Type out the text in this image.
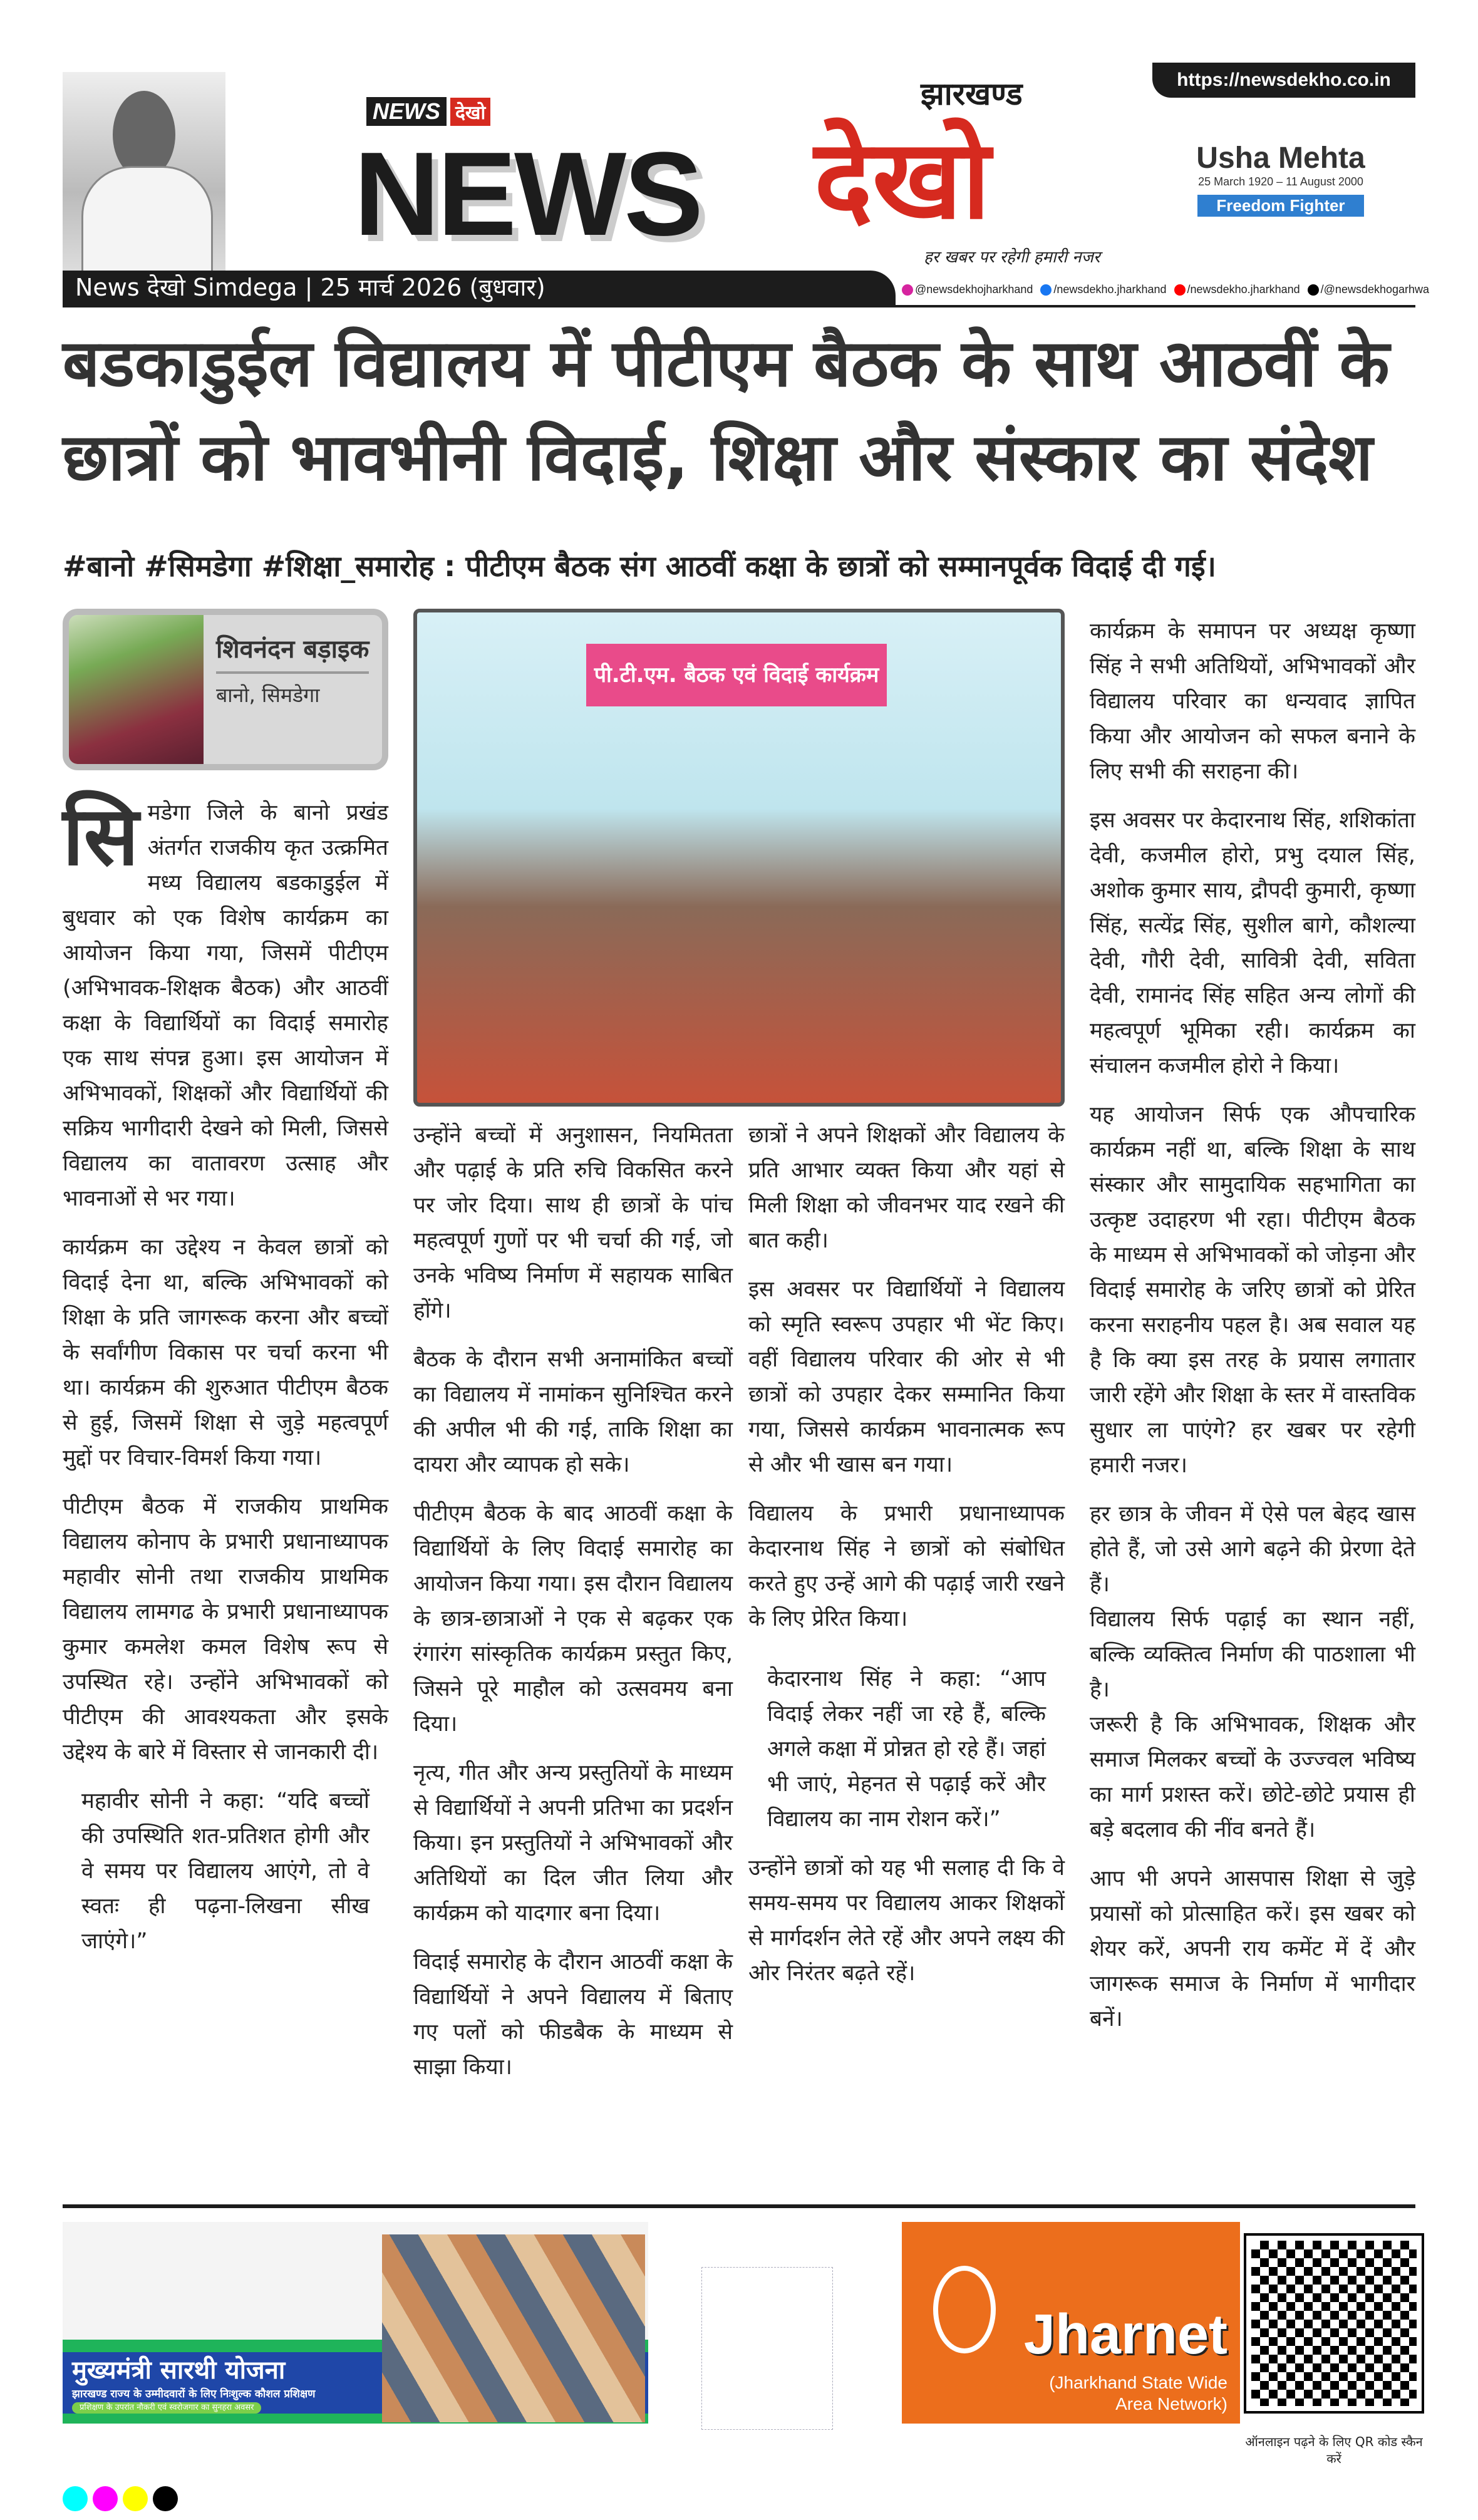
https://newsdekho.co.in
NEWS देखो
NEWS
झारखण्ड
देखो
हर खबर पर रहेगी हमारी नजर
Usha Mehta
25 March 1920 – 11 August 2000
Freedom Fighter
News देखो Simdega | 25 मार्च 2026 (बुधवार)	@newsdekhojharkhand	/newsdekho.jharkhand	/newsdekho.jharkhand	/@newsdekhogarhwa
बडकाडुईल विद्यालय में पीटीएम बैठक के साथ आठवीं के छात्रों को भावभीनी विदाई, शिक्षा और संस्कार का संदेश
#बानो #सिमडेगा #शिक्षा_समारोह : पीटीएम बैठक संग आठवीं कक्षा के छात्रों को सम्मानपूर्वक विदाई दी गई।
शिवनंदन बड़ाइक
बानो, सिमडेगा
पी.टी.एम. बैठक एवं विदाई कार्यक्रम

सिमडेगा जिले के बानो प्रखंड अंतर्गत राजकीय कृत उत्क्रमित मध्य विद्यालय बडकाडुईल में बुधवार को एक विशेष कार्यक्रम का आयोजन किया गया, जिसमें पीटीएम (अभिभावक-शिक्षक बैठक) और आठवीं कक्षा के विद्यार्थियों का विदाई समारोह एक साथ संपन्न हुआ। इस आयोजन में अभिभावकों, शिक्षकों और विद्यार्थियों की सक्रिय भागीदारी देखने को मिली, जिससे विद्यालय का वातावरण उत्साह और भावनाओं से भर गया।

कार्यक्रम का उद्देश्य न केवल छात्रों को विदाई देना था, बल्कि अभिभावकों को शिक्षा के प्रति जागरूक करना और बच्चों के सर्वांगीण विकास पर चर्चा करना भी था। कार्यक्रम की शुरुआत पीटीएम बैठक से हुई, जिसमें शिक्षा से जुड़े महत्वपूर्ण मुद्दों पर विचार-विमर्श किया गया।

पीटीएम बैठक में राजकीय प्राथमिक विद्यालय कोनाप के प्रभारी प्रधानाध्यापक महावीर सोनी तथा राजकीय प्राथमिक विद्यालय लामगढ के प्रभारी प्रधानाध्यापक कुमार कमलेश कमल विशेष रूप से उपस्थित रहे। उन्होंने अभिभावकों को पीटीएम की आवश्यकता और इसके उद्देश्य के बारे में विस्तार से जानकारी दी।

महावीर सोनी ने कहा: “यदि बच्चों की उपस्थिति शत-प्रतिशत होगी और वे समय पर विद्यालय आएंगे, तो वे स्वतः ही पढ़ना-लिखना सीख जाएंगे।”

उन्होंने बच्चों में अनुशासन, नियमितता और पढ़ाई के प्रति रुचि विकसित करने पर जोर दिया। साथ ही छात्रों के पांच महत्वपूर्ण गुणों पर भी चर्चा की गई, जो उनके भविष्य निर्माण में सहायक साबित होंगे।

बैठक के दौरान सभी अनामांकित बच्चों का विद्यालय में नामांकन सुनिश्चित करने की अपील भी की गई, ताकि शिक्षा का दायरा और व्यापक हो सके।

पीटीएम बैठक के बाद आठवीं कक्षा के विद्यार्थियों के लिए विदाई समारोह का आयोजन किया गया। इस दौरान विद्यालय के छात्र-छात्राओं ने एक से बढ़कर एक रंगारंग सांस्कृतिक कार्यक्रम प्रस्तुत किए, जिसने पूरे माहौल को उत्सवमय बना दिया।

नृत्य, गीत और अन्य प्रस्तुतियों के माध्यम से विद्यार्थियों ने अपनी प्रतिभा का प्रदर्शन किया। इन प्रस्तुतियों ने अभिभावकों और अतिथियों का दिल जीत लिया और कार्यक्रम को यादगार बना दिया।

विदाई समारोह के दौरान आठवीं कक्षा के विद्यार्थियों ने अपने विद्यालय में बिताए गए पलों को फीडबैक के माध्यम से साझा किया।

छात्रों ने अपने शिक्षकों और विद्यालय के प्रति आभार व्यक्त किया और यहां से मिली शिक्षा को जीवनभर याद रखने की बात कही।

इस अवसर पर विद्यार्थियों ने विद्यालय को स्मृति स्वरूप उपहार भी भेंट किए। वहीं विद्यालय परिवार की ओर से भी छात्रों को उपहार देकर सम्मानित किया गया, जिससे कार्यक्रम भावनात्मक रूप से और भी खास बन गया।

विद्यालय के प्रभारी प्रधानाध्यापक केदारनाथ सिंह ने छात्रों को संबोधित करते हुए उन्हें आगे की पढ़ाई जारी रखने के लिए प्रेरित किया।

केदारनाथ सिंह ने कहा: “आप विदाई लेकर नहीं जा रहे हैं, बल्कि अगले कक्षा में प्रोन्नत हो रहे हैं। जहां भी जाएं, मेहनत से पढ़ाई करें और विद्यालय का नाम रोशन करें।”

उन्होंने छात्रों को यह भी सलाह दी कि वे समय-समय पर विद्यालय आकर शिक्षकों से मार्गदर्शन लेते रहें और अपने लक्ष्य की ओर निरंतर बढ़ते रहें।

कार्यक्रम के समापन पर अध्यक्ष कृष्णा सिंह ने सभी अतिथियों, अभिभावकों और विद्यालय परिवार का धन्यवाद ज्ञापित किया और आयोजन को सफल बनाने के लिए सभी की सराहना की।

इस अवसर पर केदारनाथ सिंह, शशिकांता देवी, कजमील होरो, प्रभु दयाल सिंह, अशोक कुमार साय, द्रौपदी कुमारी, कृष्णा सिंह, सत्येंद्र सिंह, सुशील बागे, कौशल्या देवी, गौरी देवी, सावित्री देवी, सविता देवी, रामानंद सिंह सहित अन्य लोगों की महत्वपूर्ण भूमिका रही। कार्यक्रम का संचालन कजमील होरो ने किया।

यह आयोजन सिर्फ एक औपचारिक कार्यक्रम नहीं था, बल्कि शिक्षा के साथ संस्कार और सामुदायिक सहभागिता का उत्कृष्ट उदाहरण भी रहा। पीटीएम बैठक के माध्यम से अभिभावकों को जोड़ना और विदाई समारोह के जरिए छात्रों को प्रेरित करना सराहनीय पहल है। अब सवाल यह है कि क्या इस तरह के प्रयास लगातार जारी रहेंगे और शिक्षा के स्तर में वास्तविक सुधार ला पाएंगे? हर खबर पर रहेगी हमारी नजर।

हर छात्र के जीवन में ऐसे पल बेहद खास होते हैं, जो उसे आगे बढ़ने की प्रेरणा देते हैं।

विद्यालय सिर्फ पढ़ाई का स्थान नहीं, बल्कि व्यक्तित्व निर्माण की पाठशाला भी है।

जरूरी है कि अभिभावक, शिक्षक और समाज मिलकर बच्चों के उज्ज्वल भविष्य का मार्ग प्रशस्त करें। छोटे-छोटे प्रयास ही बड़े बदलाव की नींव बनते हैं।

आप भी अपने आसपास शिक्षा से जुड़े प्रयासों को प्रोत्साहित करें। इस खबर को शेयर करें, अपनी राय कमेंट में दें और जागरूक समाज के निर्माण में भागीदार बनें।

मुख्यमंत्री सारथी योजना
झारखण्ड राज्य के उम्मीदवारों के लिए निःशुल्क कौशल प्रशिक्षण
प्रशिक्षण के उपरांत नौकरी एवं स्वरोजगार का सुनहरा अवसर
Jharnet
(Jharkhand State Wide Area Network)
ऑनलाइन पढ़ने के लिए QR कोड स्कैन करें
